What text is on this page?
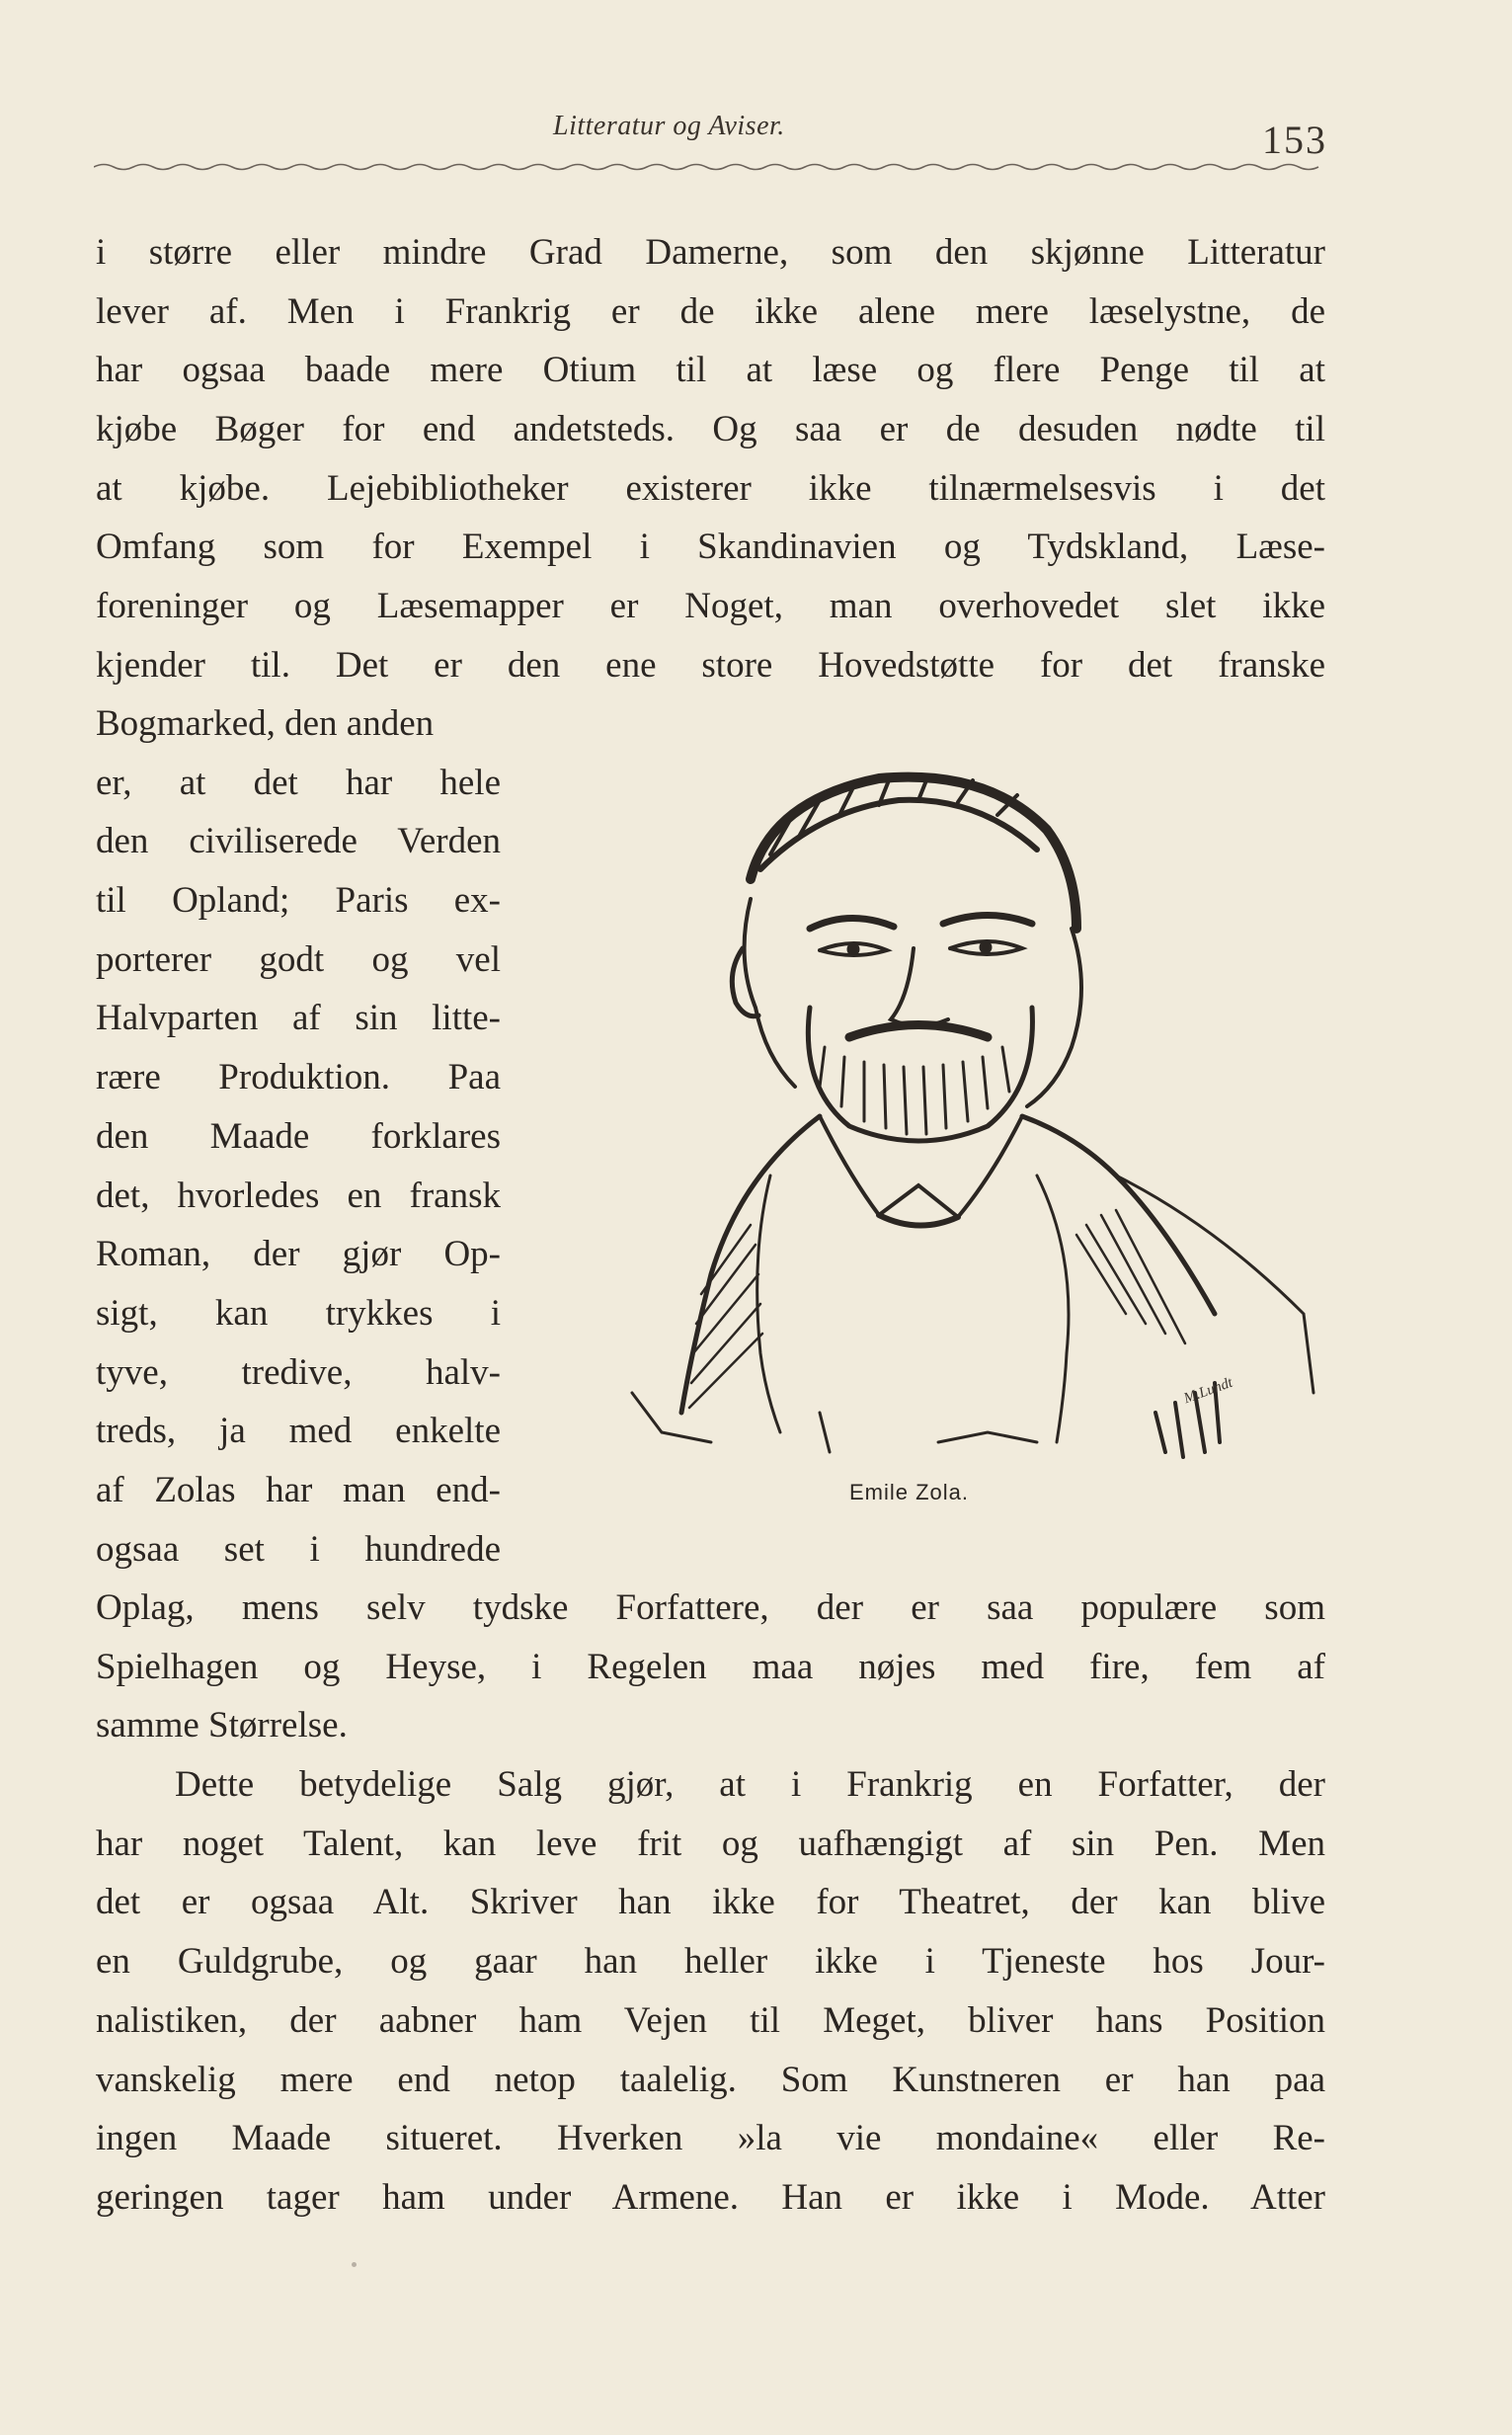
Litteratur og Aviser.	153
i større eller mindre Grad Damerne, som den skjønne Litteratur
lever af. Men i Frankrig er de ikke alene mere læselystne, de
har ogsaa baade mere Otium til at læse og flere Penge til at
kjøbe Bøger for end andetsteds. Og saa er de desuden nødte til
at kjøbe. Lejebibliotheker existerer ikke tilnærmelsesvis i det
Omfang som for Exempel i Skandinavien og Tydskland, Læse-
foreninger og Læsemapper er Noget, man overhovedet slet ikke
kjender til. Det er den ene store Hovedstøtte for det franske
Bogmarked, den anden
er, at det har hele
den civiliserede Verden
til Opland; Paris ex-
porterer godt og vel
Halvparten af sin litte-
rære Produktion. Paa
den Maade forklares
det, hvorledes en fransk
Roman, der gjør Op-
sigt, kan trykkes i
tyve, tredive, halv-
treds, ja med enkelte
af Zolas har man end-
ogsaa set i hundrede
M.Lundt
Emile Zola.
Oplag, mens selv tydske Forfattere, der er saa populære som
Spielhagen og Heyse, i Regelen maa nøjes med fire, fem af
samme Størrelse.
Dette betydelige Salg gjør, at i Frankrig en Forfatter, der
har noget Talent, kan leve frit og uafhængigt af sin Pen. Men
det er ogsaa Alt. Skriver han ikke for Theatret, der kan blive
en Guldgrube, og gaar han heller ikke i Tjeneste hos Jour-
nalistiken, der aabner ham Vejen til Meget, bliver hans Position
vanskelig mere end netop taalelig. Som Kunstneren er han paa
ingen Maade situeret. Hverken »la vie mondaine« eller Re-
geringen tager ham under Armene. Han er ikke i Mode. Atter
